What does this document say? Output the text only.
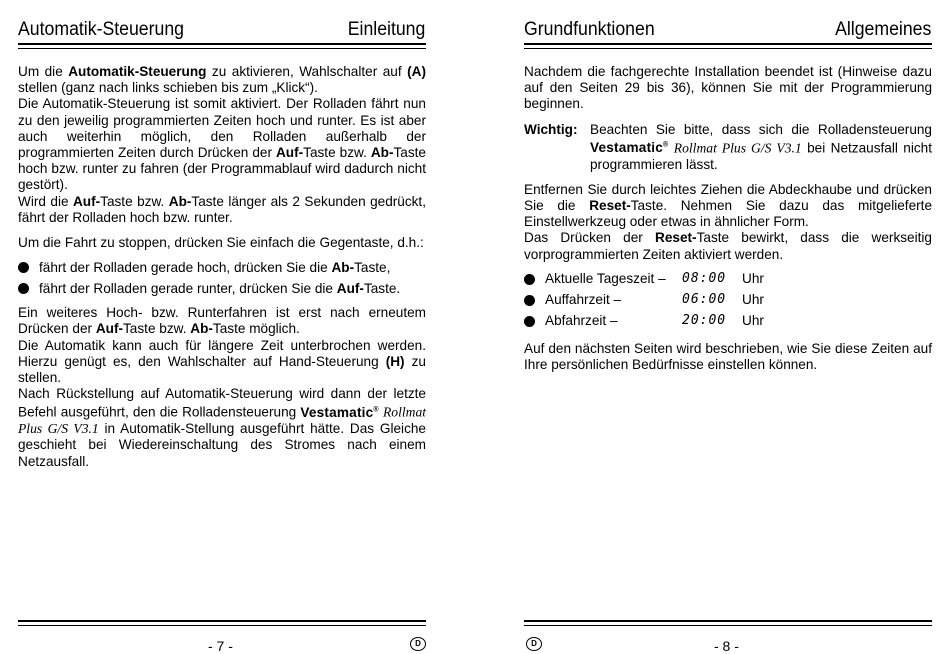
Automatik-Steuerung	Einleitung

Um die Automatik-Steuerung zu aktivieren, Wahlschalter auf (A) stellen (ganz nach links schieben bis zum „Klick“).

Die Automatik-Steuerung ist somit aktiviert. Der Rolladen fährt nun zu den jeweilig programmierten Zeiten hoch und runter. Es ist aber auch weiterhin möglich, den Rolladen außerhalb der programmierten Zeiten durch Drücken der Auf-Taste bzw. Ab-Taste hoch bzw. runter zu fahren (der Programmablauf wird dadurch nicht gestört).

Wird die Auf-Taste bzw. Ab-Taste länger als 2 Sekunden gedrückt, fährt der Rolladen hoch bzw. runter.

Um die Fahrt zu stoppen, drücken Sie einfach die Gegentaste, d.h.:

fährt der Rolladen gerade hoch, drücken Sie die Ab-Taste,
fährt der Rolladen gerade runter, drücken Sie die Auf-Taste.

Ein weiteres Hoch- bzw. Runterfahren ist erst nach erneutem Drücken der Auf-Taste bzw. Ab-Taste möglich.

Die Automatik kann auch für längere Zeit unterbrochen werden. Hierzu genügt es, den Wahlschalter auf Hand-Steuerung (H) zu stellen.

Nach Rückstellung auf Automatik-Steuerung wird dann der letzte Befehl ausgeführt, den die Rolladensteuerung Vestamatic® Rollmat Plus G/S V3.1 in Automatik-Stellung ausgeführt hätte. Das Gleiche geschieht bei Wiedereinschaltung des Stromes nach einem Netzausfall.

- 7 -	D
Grundfunktionen	Allgemeines

Nachdem die fachgerechte Installation beendet ist (Hinweise dazu auf den Seiten 29 bis 36), können Sie mit der Programmierung beginnen.

Wichtig: Beachten Sie bitte, dass sich die Rolladensteuerung Vestamatic® Rollmat Plus G/S V3.1 bei Netzausfall nicht programmieren lässt.

Entfernen Sie durch leichtes Ziehen die Abdeckhaube und drücken Sie die Reset-Taste. Nehmen Sie dazu das mitgelieferte Einstellwerkzeug oder etwas in ähnlicher Form.

Das Drücken der Reset-Taste bewirkt, dass die werkseitig vorprogrammierten Zeiten aktiviert werden.

Aktuelle Tageszeit –	08:00	Uhr
Auffahrzeit –	06:00	Uhr
Abfahrzeit –	20:00	Uhr

Auf den nächsten Seiten wird beschrieben, wie Sie diese Zeiten auf Ihre persönlichen Bedürfnisse einstellen können.

D	- 8 -
